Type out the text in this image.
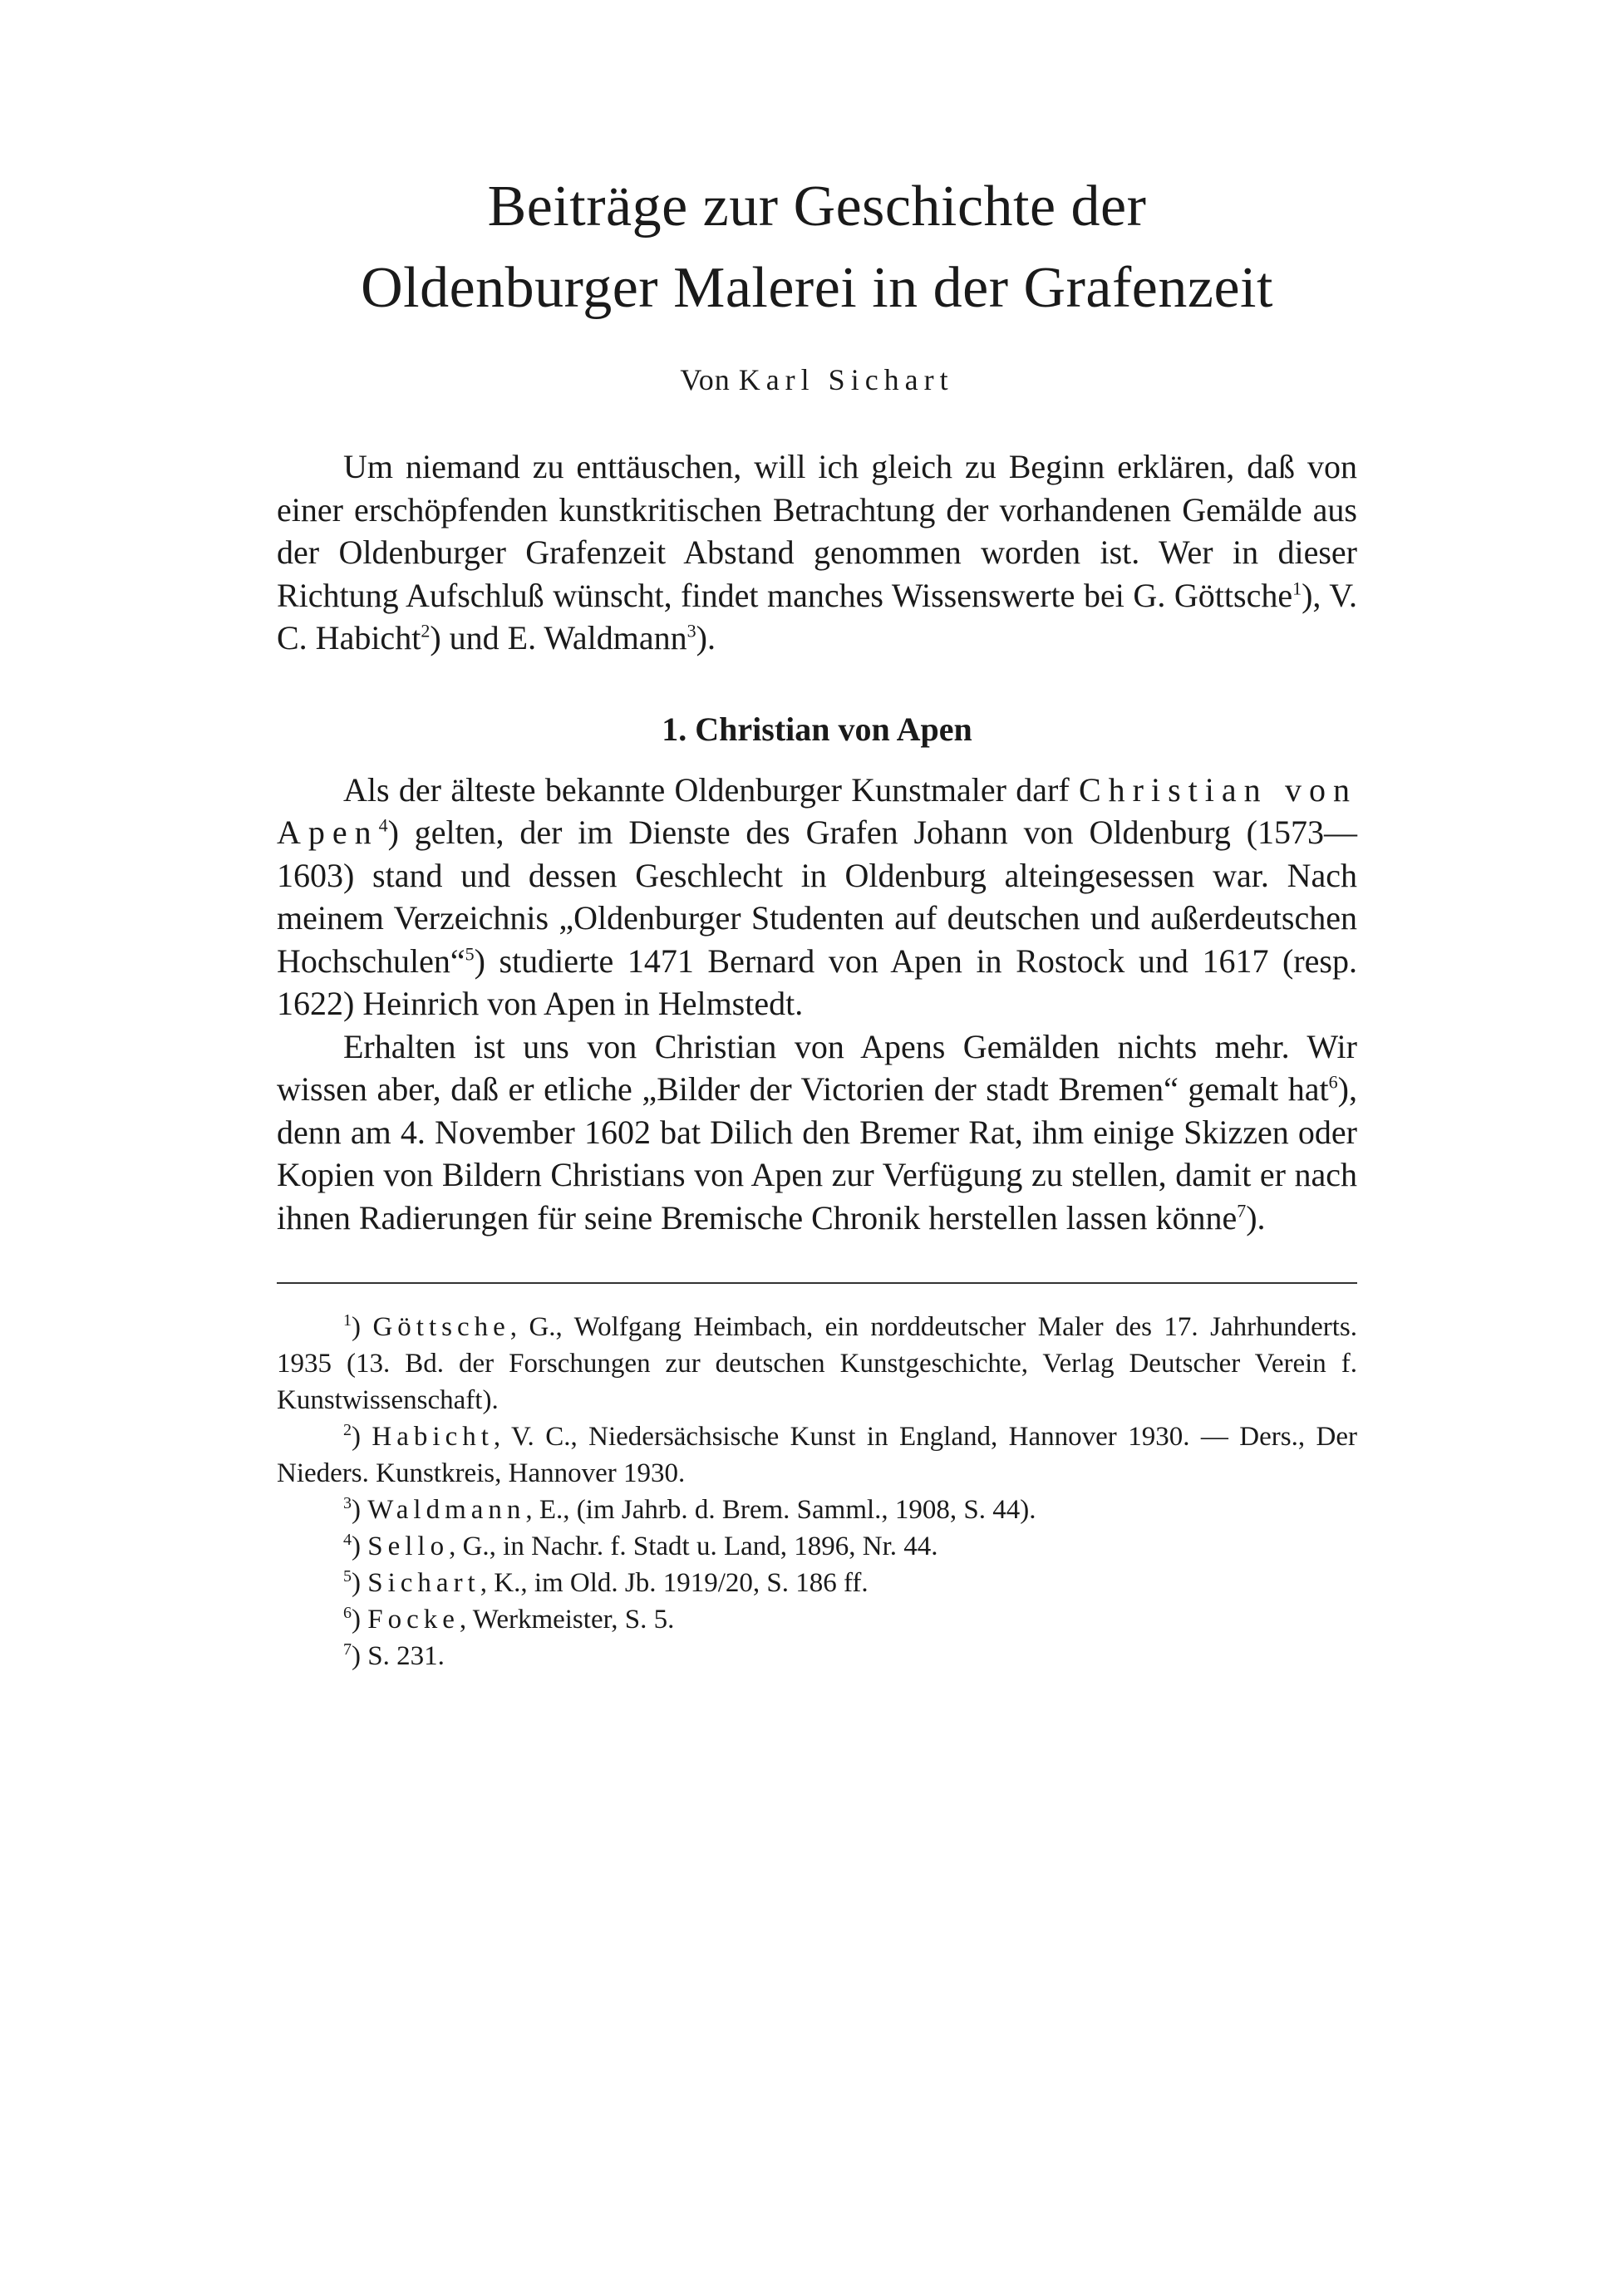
Beiträge zur Geschichte der
Oldenburger Malerei in der Grafenzeit
Von Karl Sichart

Um niemand zu enttäuschen, will ich gleich zu Beginn erklären, daß von einer erschöpfenden kunstkritischen Betrachtung der vorhandenen Gemälde aus der Oldenburger Grafenzeit Abstand genommen worden ist. Wer in dieser Richtung Aufschluß wünscht, findet manches Wissenswerte bei G. Göttsche$^1$), V. C. Habicht$^2$) und E. Waldmann$^3$).

1. Christian von Apen

Als der älteste bekannte Oldenburger Kunstmaler darf Christian von Apen$^4$) gelten, der im Dienste des Grafen Johann von Oldenburg (1573—1603) stand und dessen Geschlecht in Oldenburg alteingesessen war. Nach meinem Verzeichnis „Oldenburger Studenten auf deutschen und außerdeutschen Hochschulen“$^5$) studierte 1471 Bernard von Apen in Rostock und 1617 (resp. 1622) Heinrich von Apen in Helmstedt.

Erhalten ist uns von Christian von Apens Gemälden nichts mehr. Wir wissen aber, daß er etliche „Bilder der Victorien der stadt Bremen“ gemalt hat$^6$), denn am 4. November 1602 bat Dilich den Bremer Rat, ihm einige Skizzen oder Kopien von Bildern Christians von Apen zur Verfügung zu stellen, damit er nach ihnen Radierungen für seine Bremische Chronik herstellen lassen könne$^7$).

$^1$) Göttsche, G., Wolfgang Heimbach, ein norddeutscher Maler des 17. Jahrhunderts. 1935 (13. Bd. der Forschungen zur deutschen Kunstgeschichte, Verlag Deutscher Verein f. Kunstwissenschaft).

$^2$) Habicht, V. C., Niedersächsische Kunst in England, Hannover 1930. — Ders., Der Nieders. Kunstkreis, Hannover 1930.

$^3$) Waldmann, E., (im Jahrb. d. Brem. Samml., 1908, S. 44).

$^4$) Sello, G., in Nachr. f. Stadt u. Land, 1896, Nr. 44.

$^5$) Sichart, K., im Old. Jb. 1919/20, S. 186 ff.

$^6$) Focke, Werkmeister, S. 5.

$^7$) S. 231.
